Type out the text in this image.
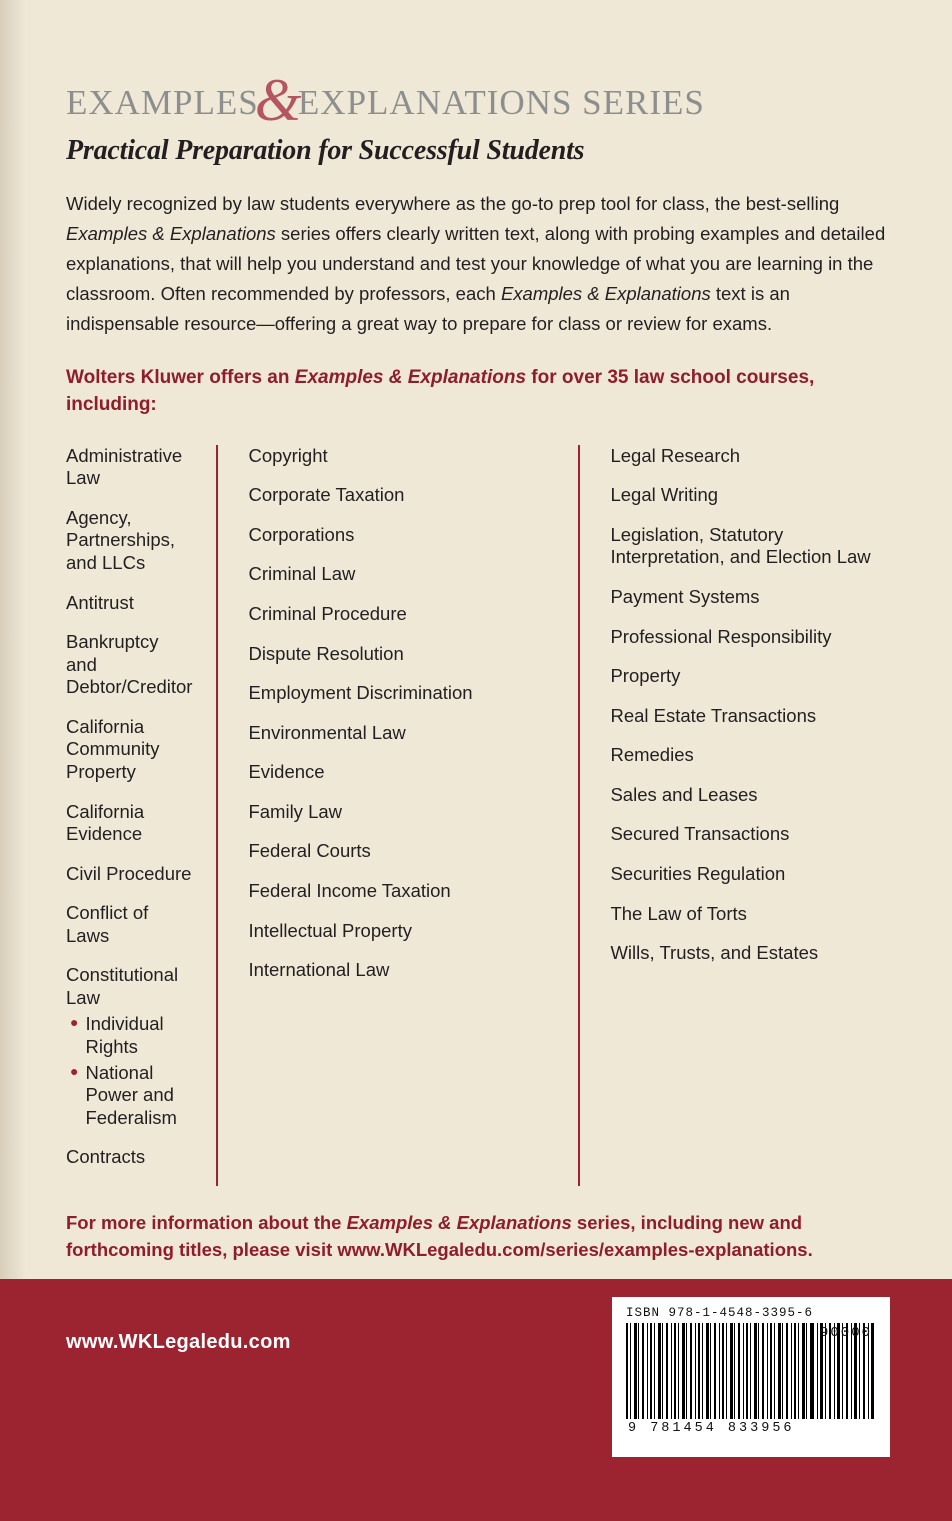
EXAMPLES
&
EXPLANATIONS SERIES
Practical Preparation for Successful Students
Widely recognized by law students everywhere as the go-to prep tool for class, the best-selling Examples & Explanations series offers clearly written text, along with probing examples and detailed explanations, that will help you understand and test your knowledge of what you are learning in the classroom. Often recommended by professors, each Examples & Explanations text is an indispensable resource—offering a great way to prepare for class or review for exams.
Wolters Kluwer offers an Examples & Explanations for over 35 law school courses, including:
Administrative Law
Agency, Partnerships, and LLCs
Antitrust
Bankruptcy and Debtor/Creditor
California Community Property
California Evidence
Civil Procedure
Conflict of Laws
Constitutional Law
● Individual Rights
● National Power and Federalism
Contracts
Copyright
Corporate Taxation
Corporations
Criminal Law
Criminal Procedure
Dispute Resolution
Employment Discrimination
Environmental Law
Evidence
Family Law
Federal Courts
Federal Income Taxation
Intellectual Property
International Law
Legal Research
Legal Writing
Legislation, Statutory Interpretation, and Election Law
Payment Systems
Professional Responsibility
Property
Real Estate Transactions
Remedies
Sales and Leases
Secured Transactions
Securities Regulation
The Law of Torts
Wills, Trusts, and Estates
For more information about the Examples & Explanations series, including new and forthcoming titles, please visit www.WKLegaledu.com/series/examples-explanations.
www.WKLegaledu.com
ISBN 978-1-4548-3395-6
90000
9 781454 833956
